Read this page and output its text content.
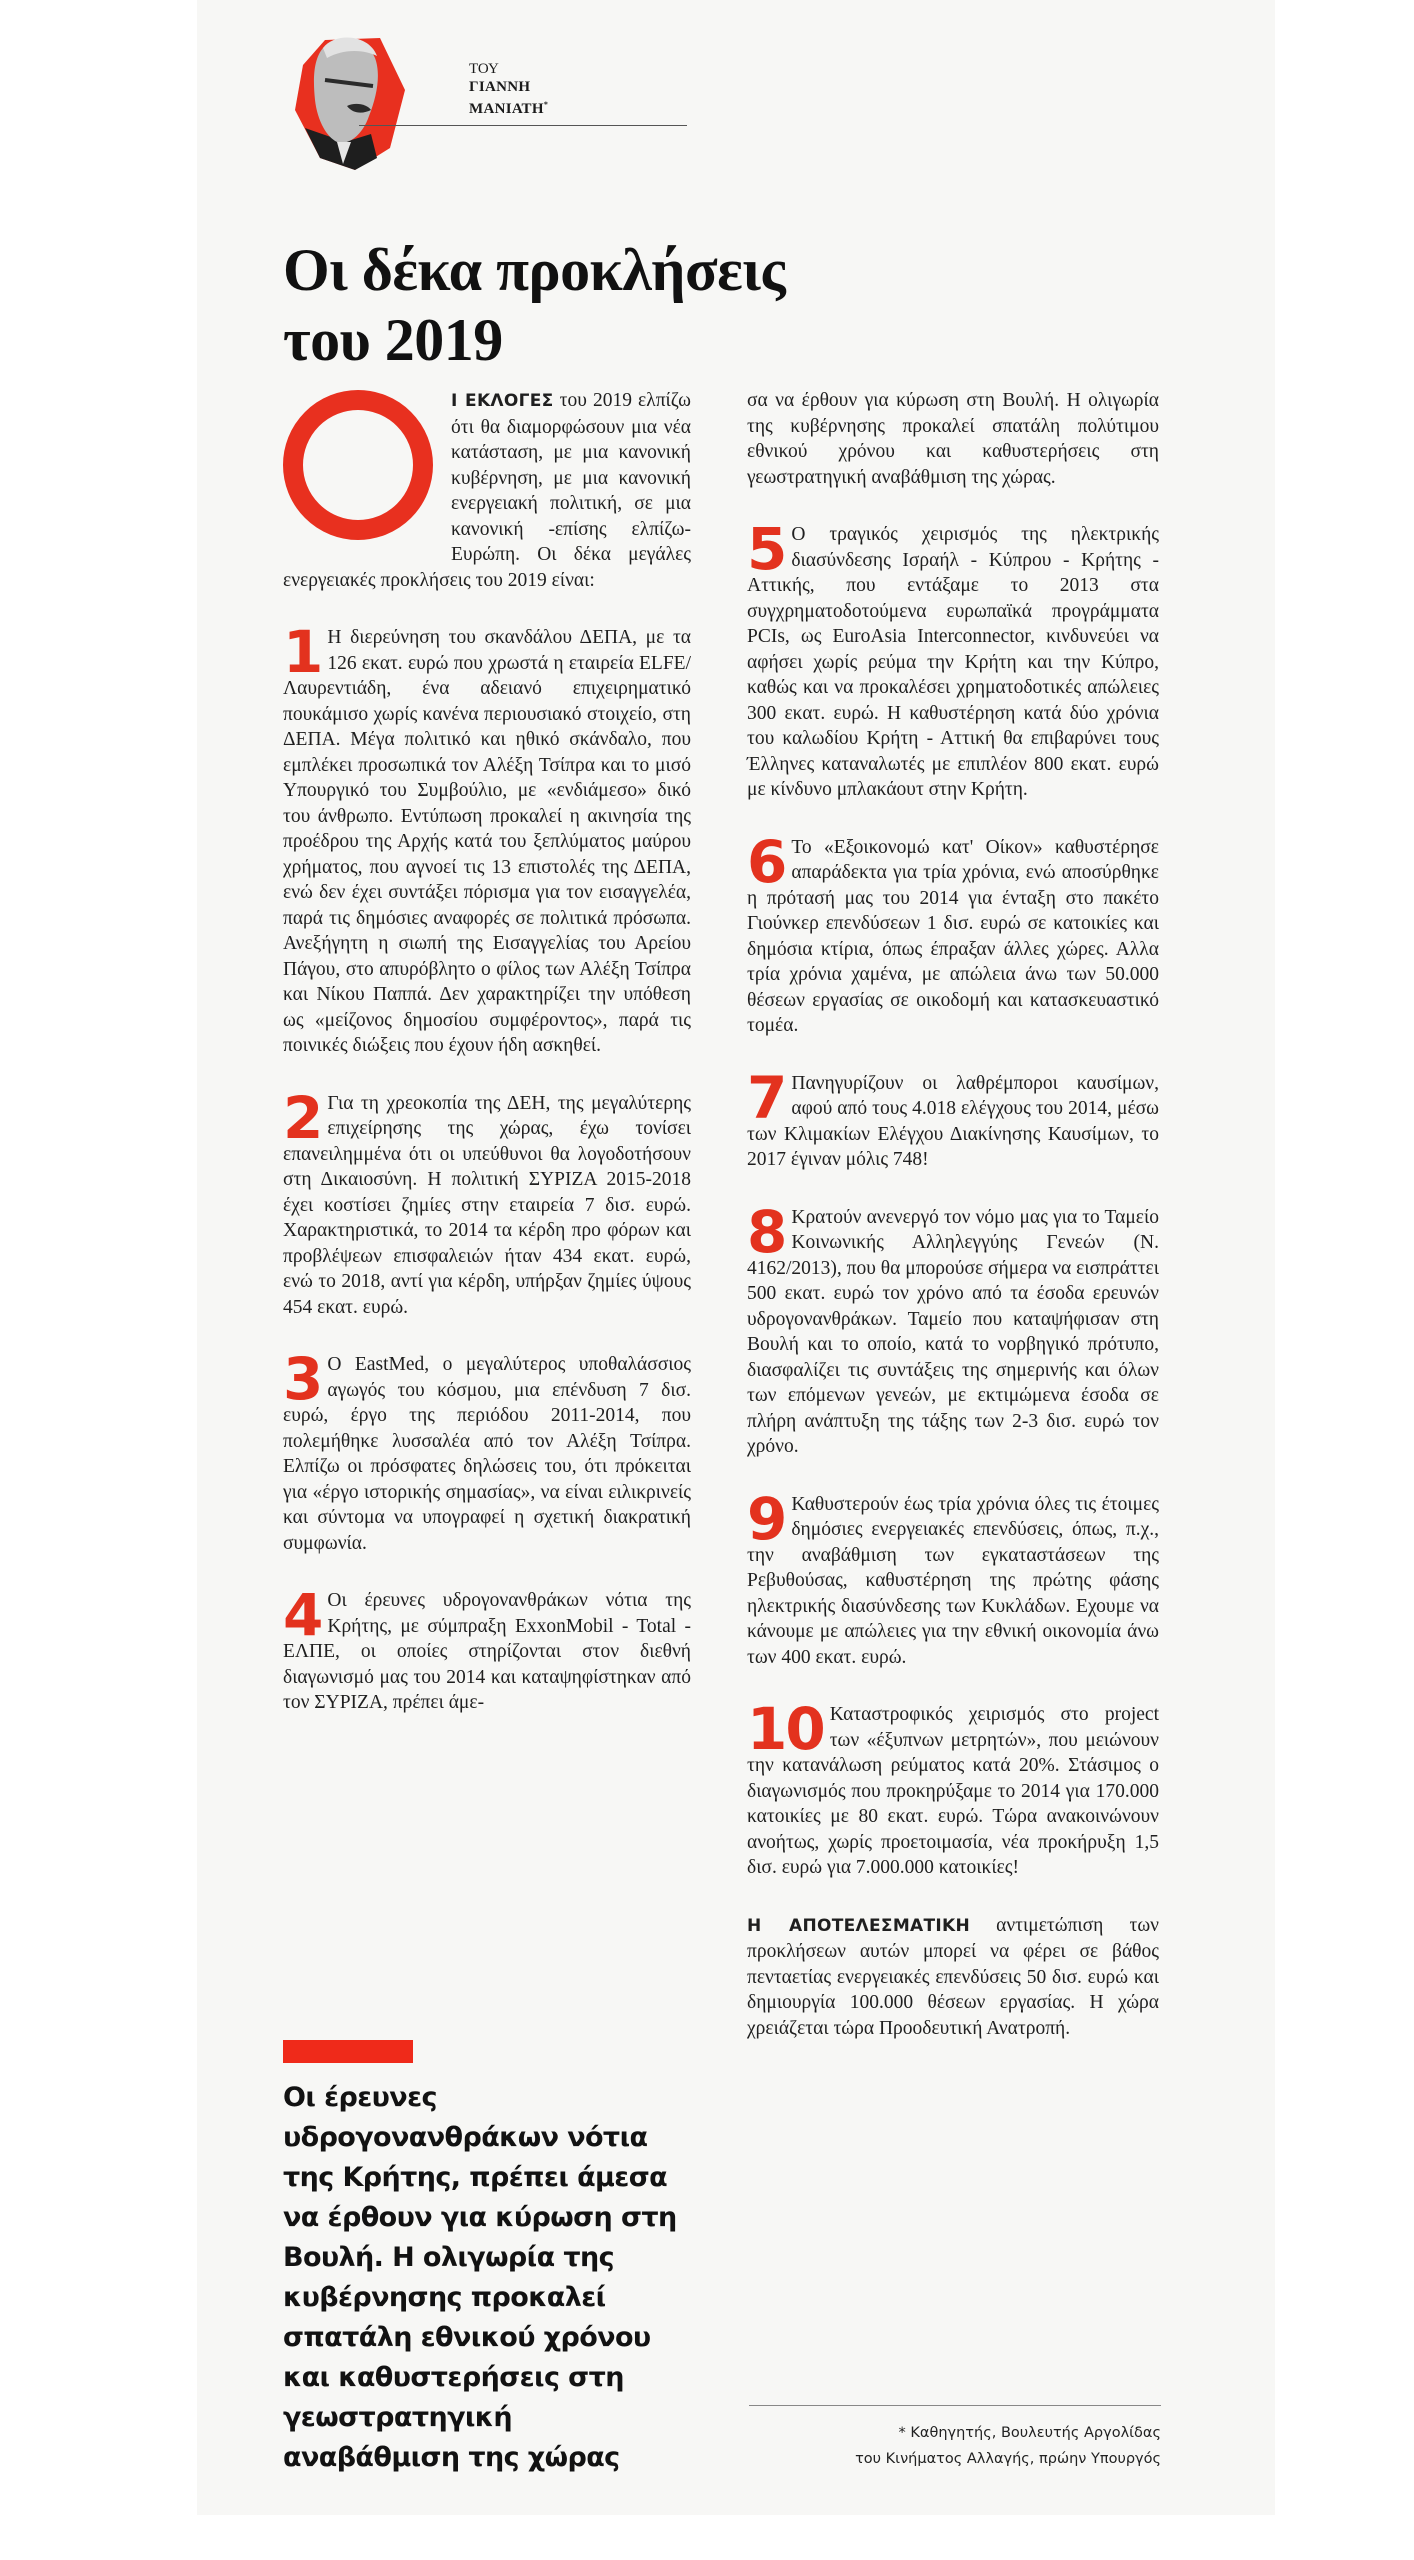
ΤΟΥ
ΓΙΑΝΝΗ
ΜΑΝΙΑΤΗ*
Οι δέκα προκλήσεις του 2019

Ι ΕΚΛΟΓΕΣ του 2019 ελπίζω ότι θα διαμορφώσουν μια νέα κατάσταση, με μια κανονική κυβέρνηση, με μια κανονική ενεργειακή πολιτική, σε μια κανονική -επίσης ελπίζω- Ευρώπη. Οι δέκα μεγάλες ενεργειακές προκλήσεις του 2019 είναι:

1 Η διερεύνηση του σκανδάλου ΔΕΠΑ, με τα 126 εκατ. ευρώ που χρωστά η εταιρεία ELFE/Λαυρεντιάδη, ένα αδειανό επιχειρηματικό πουκάμισο χωρίς κανένα περιουσιακό στοιχείο, στη ΔΕΠΑ. Μέγα πολιτικό και ηθικό σκάνδαλο, που εμπλέκει προσωπικά τον Αλέξη Τσίπρα και το μισό Υπουργικό του Συμβούλιο, με «ενδιάμεσο» δικό του άνθρωπο. Εντύπωση προκαλεί η ακινησία της προέδρου της Αρχής κατά του ξεπλύματος μαύρου χρήματος, που αγνοεί τις 13 επιστολές της ΔΕΠΑ, ενώ δεν έχει συντάξει πόρισμα για τον εισαγγελέα, παρά τις δημόσιες αναφορές σε πολιτικά πρόσωπα. Ανεξήγητη η σιωπή της Εισαγγελίας του Αρείου Πάγου, στο απυρόβλητο ο φίλος των Αλέξη Τσίπρα και Νίκου Παππά. Δεν χαρακτηρίζει την υπόθεση ως «μείζονος δημοσίου συμφέροντος», παρά τις ποινικές διώξεις που έχουν ήδη ασκηθεί.

2 Για τη χρεοκοπία της ΔΕΗ, της μεγαλύτερης επιχείρησης της χώρας, έχω τονίσει επανειλημμένα ότι οι υπεύθυνοι θα λογοδοτήσουν στη Δικαιοσύνη. Η πολιτική ΣΥΡΙΖΑ 2015-2018 έχει κοστίσει ζημίες στην εταιρεία 7 δισ. ευρώ. Χαρακτηριστικά, το 2014 τα κέρδη προ φόρων και προβλέψεων επισφαλειών ήταν 434 εκατ. ευρώ, ενώ το 2018, αντί για κέρδη, υπήρξαν ζημίες ύψους 454 εκατ. ευρώ.

3 Ο EastMed, ο μεγαλύτερος υποθαλάσσιος αγωγός του κόσμου, μια επένδυση 7 δισ. ευρώ, έργο της περιόδου 2011-2014, που πολεμήθηκε λυσσαλέα από τον Αλέξη Τσίπρα. Ελπίζω οι πρόσφατες δηλώσεις του, ότι πρόκειται για «έργο ιστορικής σημασίας», να είναι ειλικρινείς και σύντομα να υπογραφεί η σχετική διακρατική συμφωνία.

4 Οι έρευνες υδρογονανθράκων νότια της Κρήτης, με σύμπραξη ExxonMobil - Total - ΕΛΠΕ, οι οποίες στηρίζονται στον διεθνή διαγωνισμό μας του 2014 και καταψηφίστηκαν από τον ΣΥΡΙΖΑ, πρέπει άμε-

Οι έρευνες υδρογονανθράκων νότια της Κρήτης, πρέπει άμεσα να έρθουν για κύρωση στη Βουλή. Η ολιγωρία της κυβέρνησης προκαλεί σπατάλη εθνικού χρόνου και καθυστερήσεις στη γεωστρατηγική αναβάθμιση της χώρας

σα να έρθουν για κύρωση στη Βουλή. Η ολιγωρία της κυβέρνησης προκαλεί σπατάλη πολύτιμου εθνικού χρόνου και καθυστερήσεις στη γεωστρατηγική αναβάθμιση της χώρας.

5 Ο τραγικός χειρισμός της ηλεκτρικής διασύνδεσης Ισραήλ - Κύπρου - Κρήτης - Αττικής, που εντάξαμε το 2013 στα συγχρηματοδοτούμενα ευρωπαϊκά προγράμματα PCIs, ως EuroAsia Interconnector, κινδυνεύει να αφήσει χωρίς ρεύμα την Κρήτη και την Κύπρο, καθώς και να προκαλέσει χρηματοδοτικές απώλειες 300 εκατ. ευρώ. Η καθυστέρηση κατά δύο χρόνια του καλωδίου Κρήτη - Αττική θα επιβαρύνει τους Έλληνες καταναλωτές με επιπλέον 800 εκατ. ευρώ με κίνδυνο μπλακάουτ στην Κρήτη.

6 Το «Εξοικονομώ κατ' Οίκον» καθυστέρησε απαράδεκτα για τρία χρόνια, ενώ αποσύρθηκε η πρότασή μας του 2014 για ένταξη στο πακέτο Γιούνκερ επενδύσεων 1 δισ. ευρώ σε κατοικίες και δημόσια κτίρια, όπως έπραξαν άλλες χώρες. Αλλα τρία χρόνια χαμένα, με απώλεια άνω των 50.000 θέσεων εργασίας σε οικοδομή και κατασκευαστικό τομέα.

7 Πανηγυρίζουν οι λαθρέμποροι καυσίμων, αφού από τους 4.018 ελέγχους του 2014, μέσω των Κλιμακίων Ελέγχου Διακίνησης Καυσίμων, το 2017 έγιναν μόλις 748!

8 Κρατούν ανενεργό τον νόμο μας για το Ταμείο Κοινωνικής Αλληλεγγύης Γενεών (Ν. 4162/2013), που θα μπορούσε σήμερα να εισπράττει 500 εκατ. ευρώ τον χρόνο από τα έσοδα ερευνών υδρογονανθράκων. Ταμείο που καταψήφισαν στη Βουλή και το οποίο, κατά το νορβηγικό πρότυπο, διασφαλίζει τις συντάξεις της σημερινής και όλων των επόμενων γενεών, με εκτιμώμενα έσοδα σε πλήρη ανάπτυξη της τάξης των 2-3 δισ. ευρώ τον χρόνο.

9 Καθυστερούν έως τρία χρόνια όλες τις έτοιμες δημόσιες ενεργειακές επενδύσεις, όπως, π.χ., την αναβάθμιση των εγκαταστάσεων της Ρεβυθούσας, καθυστέρηση της πρώτης φάσης ηλεκτρικής διασύνδεσης των Κυκλάδων. Εχουμε να κάνουμε με απώλειες για την εθνική οικονομία άνω των 400 εκατ. ευρώ.

10 Καταστροφικός χειρισμός στο project των «έξυπνων μετρητών», που μειώνουν την κατανάλωση ρεύματος κατά 20%. Στάσιμος ο διαγωνισμός που προκηρύξαμε το 2014 για 170.000 κατοικίες με 80 εκατ. ευρώ. Τώρα ανακοινώνουν ανοήτως, χωρίς προετοιμασία, νέα προκήρυξη 1,5 δισ. ευρώ για 7.000.000 κατοικίες!

Η ΑΠΟΤΕΛΕΣΜΑΤΙΚΗ αντιμετώπιση των προκλήσεων αυτών μπορεί να φέρει σε βάθος πενταετίας ενεργειακές επενδύσεις 50 δισ. ευρώ και δημιουργία 100.000 θέσεων εργασίας. Η χώρα χρειάζεται τώρα Προοδευτική Ανατροπή.

* Καθηγητής, Βουλευτής Αργολίδας
του Κινήματος Αλλαγής, πρώην Υπουργός
